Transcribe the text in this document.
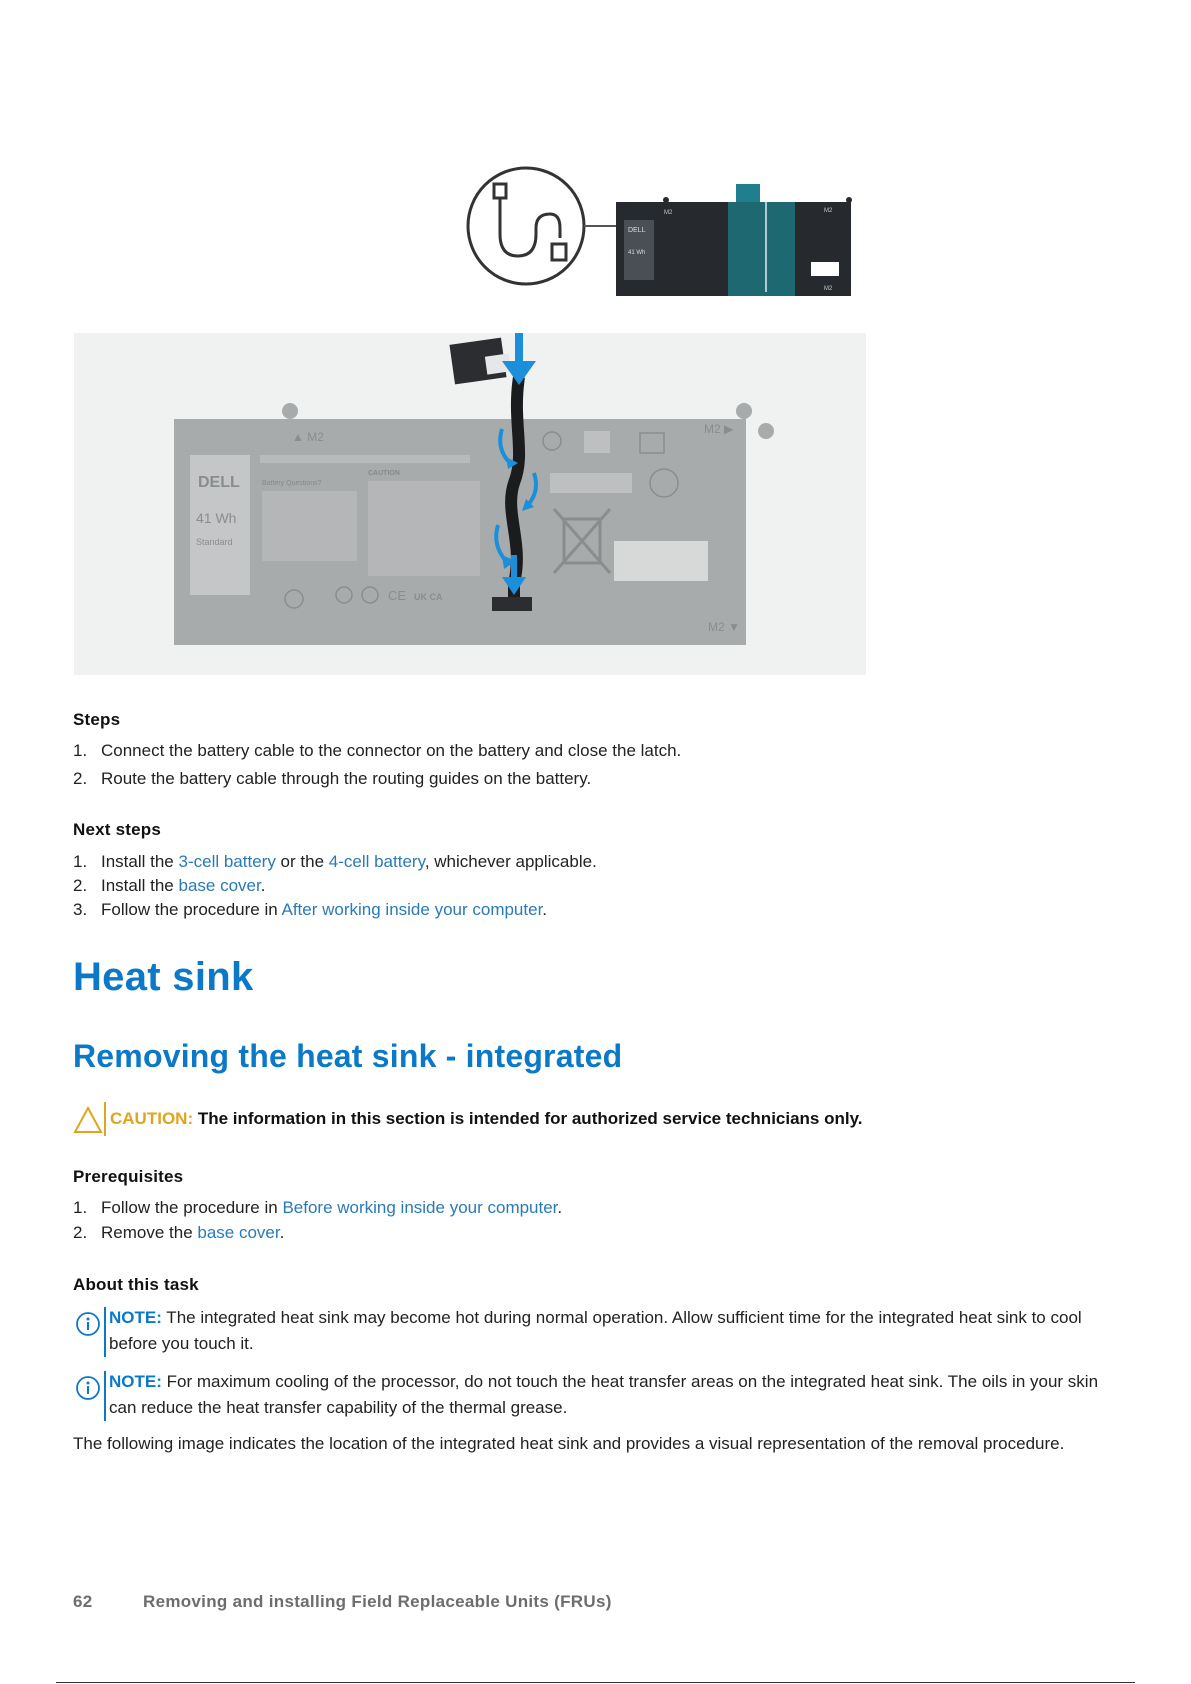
DELL
41 Wh
M2	M2
M2
DELL
41 Wh
Standard
▲ M2
M2 ▶
M2 ▼
Battery Questions?
CAUTION
CE UK CA
Steps
1. Connect the battery cable to the connector on the battery and close the latch.
2. Route the battery cable through the routing guides on the battery.
Next steps
1. Install the 3-cell battery or the 4-cell battery, whichever applicable.
2. Install the base cover.
3. Follow the procedure in After working inside your computer.
Heat sink
Removing the heat sink - integrated
CAUTION: The information in this section is intended for authorized service technicians only.
Prerequisites
1. Follow the procedure in Before working inside your computer.
2. Remove the base cover.
About this task
NOTE: The integrated heat sink may become hot during normal operation. Allow sufficient time for the integrated heat sink to cool before you touch it.
NOTE: For maximum cooling of the processor, do not touch the heat transfer areas on the integrated heat sink. The oils in your skin can reduce the heat transfer capability of the thermal grease.
The following image indicates the location of the integrated heat sink and provides a visual representation of the removal procedure.
62	Removing and installing Field Replaceable Units (FRUs)
